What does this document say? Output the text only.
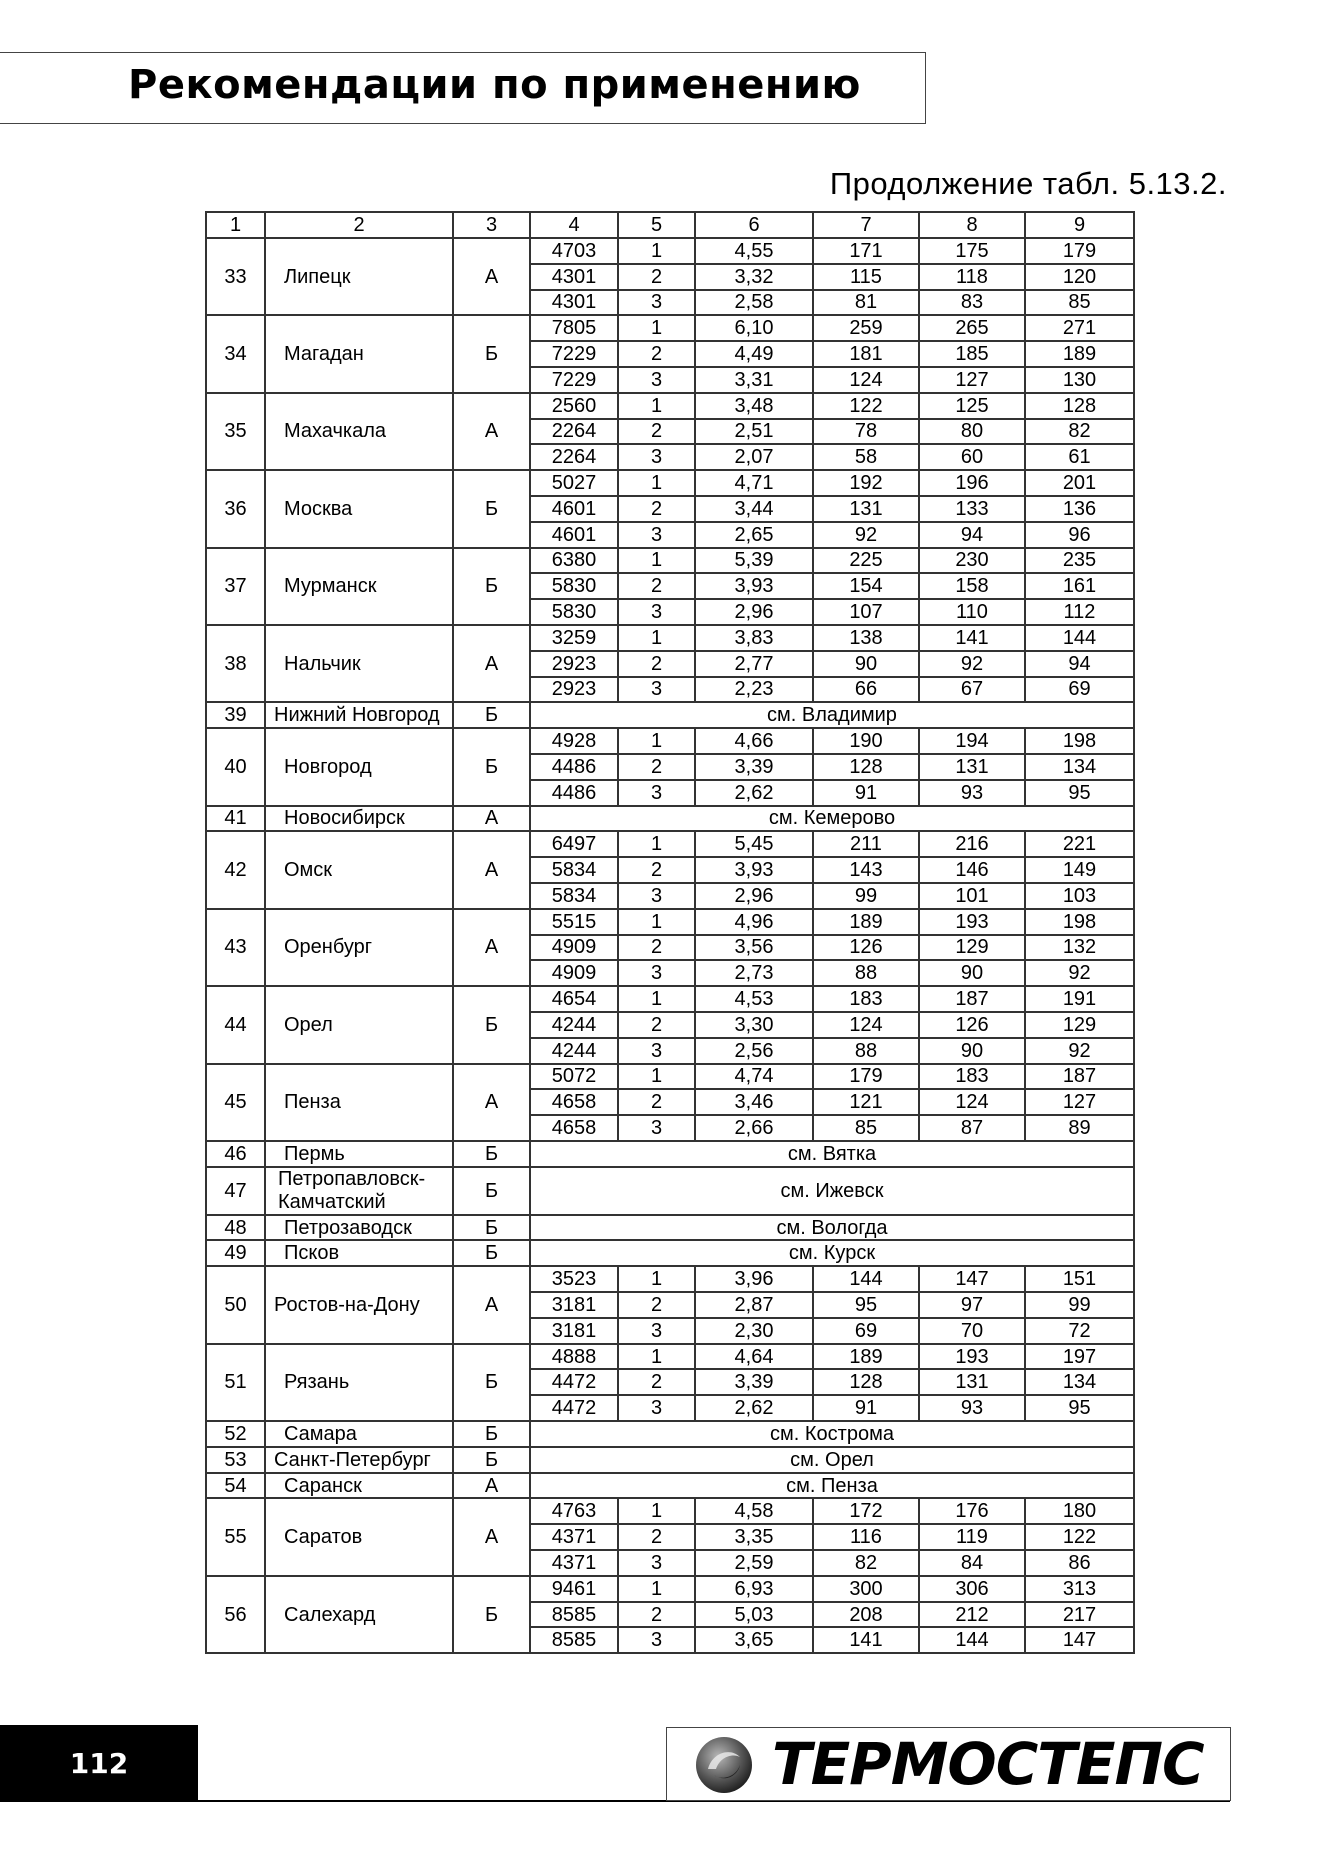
Рекомендации по применению
Продолжение табл. 5.13.2.
1	2	3	4	5	6	7	8	9
33	Липецк	А	4703	1	4,55	171	175	179
			4301	2	3,32	115	118	120
			4301	3	2,58	81	83	85
34	Магадан	Б	7805	1	6,10	259	265	271
			7229	2	4,49	181	185	189
			7229	3	3,31	124	127	130
35	Махачкала	А	2560	1	3,48	122	125	128
			2264	2	2,51	78	80	82
			2264	3	2,07	58	60	61
36	Москва	Б	5027	1	4,71	192	196	201
			4601	2	3,44	131	133	136
			4601	3	2,65	92	94	96
37	Мурманск	Б	6380	1	5,39	225	230	235
			5830	2	3,93	154	158	161
			5830	3	2,96	107	110	112
38	Нальчик	А	3259	1	3,83	138	141	144
			2923	2	2,77	90	92	94
			2923	3	2,23	66	67	69
39	Нижний Новгород	Б	см. Владимир					
40	Новгород	Б	4928	1	4,66	190	194	198
			4486	2	3,39	128	131	134
			4486	3	2,62	91	93	95
41	Новосибирск	А	см. Кемерово					
42	Омск	А	6497	1	5,45	211	216	221
			5834	2	3,93	143	146	149
			5834	3	2,96	99	101	103
43	Оренбург	А	5515	1	4,96	189	193	198
			4909	2	3,56	126	129	132
			4909	3	2,73	88	90	92
44	Орел	Б	4654	1	4,53	183	187	191
			4244	2	3,30	124	126	129
			4244	3	2,56	88	90	92
45	Пенза	А	5072	1	4,74	179	183	187
			4658	2	3,46	121	124	127
			4658	3	2,66	85	87	89
46	Пермь	Б	см. Вятка					
47	Петропавловск-Камчатский	Б	см. Ижевск					
48	Петрозаводск	Б	см. Вологда					
49	Псков	Б	см. Курск					
50	Ростов-на-Дону	А	3523	1	3,96	144	147	151
			3181	2	2,87	95	97	99
			3181	3	2,30	69	70	72
51	Рязань	Б	4888	1	4,64	189	193	197
			4472	2	3,39	128	131	134
			4472	3	2,62	91	93	95
52	Самара	Б	см. Кострома					
53	Санкт-Петербург	Б	см. Орел					
54	Саранск	А	см. Пенза					
55	Саратов	А	4763	1	4,58	172	176	180
			4371	2	3,35	116	119	122
			4371	3	2,59	82	84	86
56	Салехард	Б	9461	1	6,93	300	306	313
			8585	2	5,03	208	212	217
			8585	3	3,65	141	144	147
112	ТЕРМОСТЕПС
